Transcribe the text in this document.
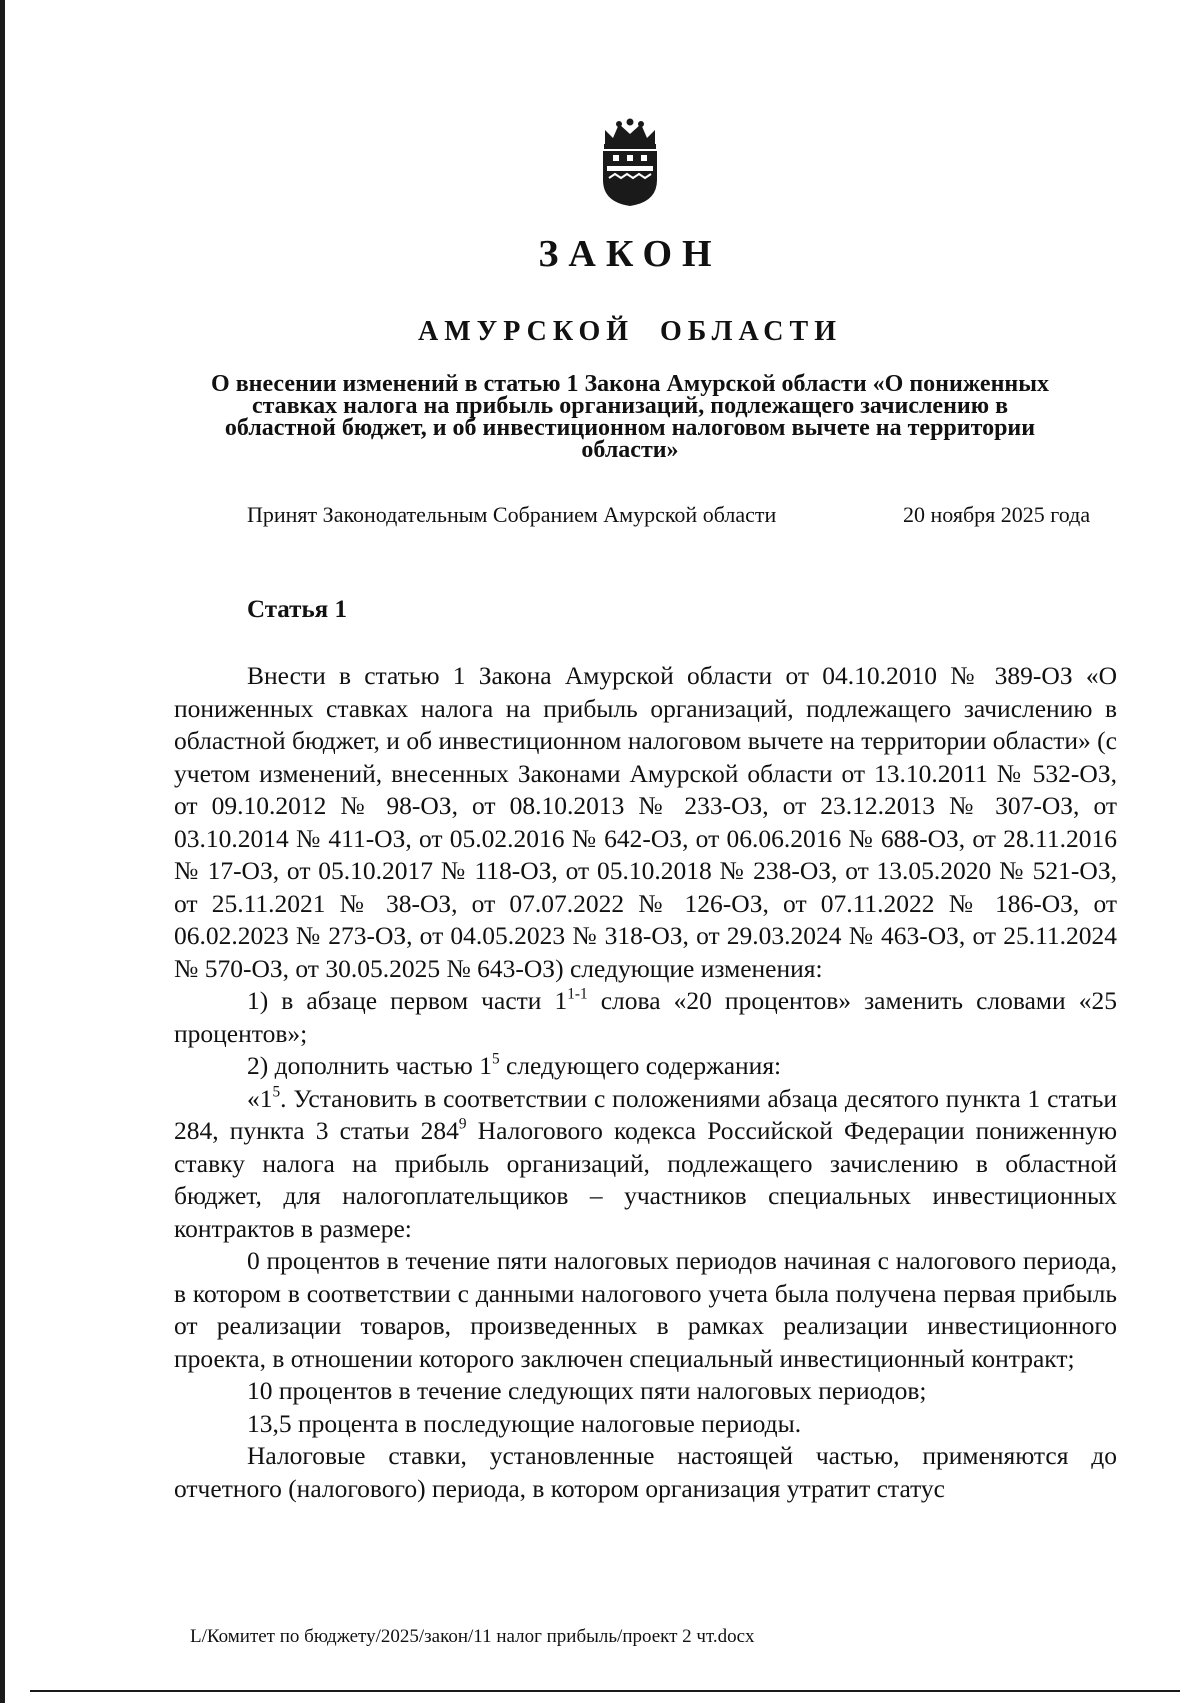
ЗАКОН
АМУРСКОЙ  ОБЛАСТИ
О внесении изменений в статью 1 Закона Амурской области «О пониженных ставках налога на прибыль организаций, подлежащего зачислению в областной бюджет, и об инвестиционном налоговом вычете на территории области»
Принят Законодательным Собранием Амурской области	20 ноября 2025 года
Статья 1

Внести в статью 1 Закона Амурской области от 04.10.2010 № 389-ОЗ «О пониженных ставках налога на прибыль организаций, подлежащего зачислению в областной бюджет, и об инвестиционном налоговом вычете на территории области» (с учетом изменений, внесенных Законами Амурской области от 13.10.2011 № 532-ОЗ, от 09.10.2012 № 98-ОЗ, от 08.10.2013 № 233-ОЗ, от 23.12.2013 № 307-ОЗ, от 03.10.2014 № 411-ОЗ, от 05.02.2016 № 642-ОЗ, от 06.06.2016 № 688-ОЗ, от 28.11.2016 № 17-ОЗ, от 05.10.2017 № 118-ОЗ, от 05.10.2018 № 238-ОЗ, от 13.05.2020 № 521-ОЗ, от 25.11.2021 № 38-ОЗ, от 07.07.2022 № 126-ОЗ, от 07.11.2022 № 186-ОЗ, от 06.02.2023 № 273-ОЗ, от 04.05.2023 № 318-ОЗ, от 29.03.2024 № 463-ОЗ, от 25.11.2024 № 570-ОЗ, от 30.05.2025 № 643-ОЗ) следующие изменения:

1) в абзаце первом части 1$^{1-1}$ слова «20 процентов» заменить словами «25 процентов»;

2) дополнить частью $1^5$ следующего содержания:

«$1^5$. Установить в соответствии с положениями абзаца десятого пункта 1 статьи 284, пункта 3 статьи $284^9$ Налогового кодекса Российской Федерации пониженную ставку налога на прибыль организаций, подлежащего зачислению в областной бюджет, для налогоплательщиков – участников специальных инвестиционных контрактов в размере:

0 процентов в течение пяти налоговых периодов начиная с налогового периода, в котором в соответствии с данными налогового учета была получена первая прибыль от реализации товаров, произведенных в рамках реализации инвестиционного проекта, в отношении которого заключен специальный инвестиционный контракт;

10 процентов в течение следующих пяти налоговых периодов;

13,5 процента в последующие налоговые периоды.

Налоговые ставки, установленные настоящей частью, применяются до отчетного (налогового) периода, в котором организация утратит статус

L/Комитет по бюджету/2025/закон/11 налог прибыль/проект 2 чт.docx
